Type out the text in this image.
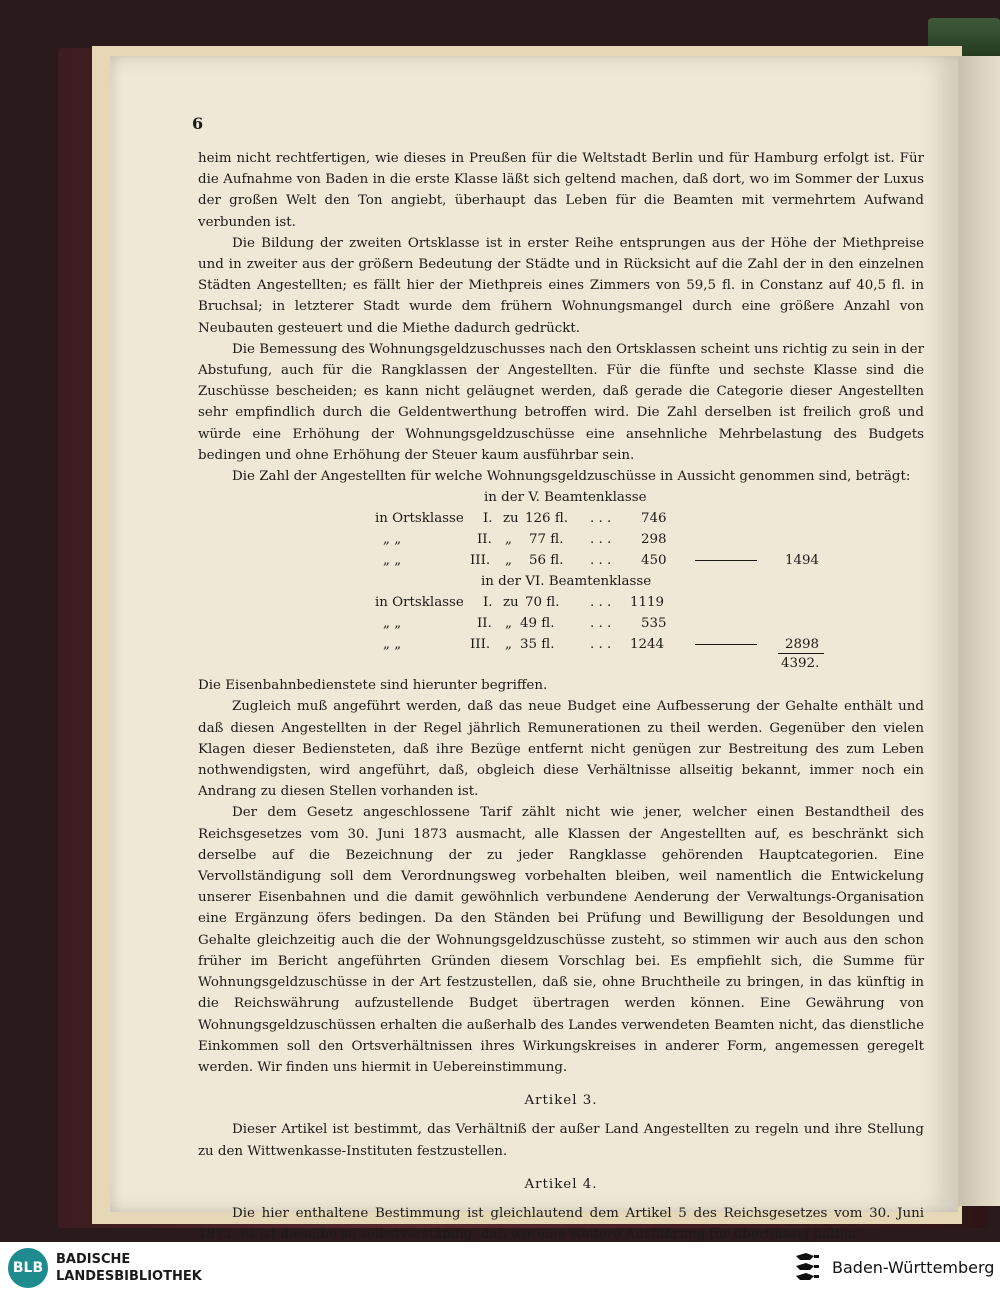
6

heim nicht rechtfertigen, wie dieses in Preußen für die Weltstadt Berlin und für Hamburg erfolgt ist. Für die Aufnahme von Baden in die erste Klasse läßt sich geltend machen, daß dort, wo im Sommer der Luxus der großen Welt den Ton angiebt, überhaupt das Leben für die Beamten mit vermehrtem Aufwand verbunden ist.

Die Bildung der zweiten Ortsklasse ist in erster Reihe entsprungen aus der Höhe der Miethpreise und in zweiter aus der größern Bedeutung der Städte und in Rücksicht auf die Zahl der in den einzelnen Städten Angestellten; es fällt hier der Miethpreis eines Zimmers von 59,5 fl. in Constanz auf 40,5 fl. in Bruchsal; in letzterer Stadt wurde dem frühern Wohnungsmangel durch eine größere Anzahl von Neubauten gesteuert und die Miethe dadurch gedrückt.

Die Bemessung des Wohnungsgeldzuschusses nach den Ortsklassen scheint uns richtig zu sein in der Abstufung, auch für die Rangklassen der Angestellten. Für die fünfte und sechste Klasse sind die Zuschüsse bescheiden; es kann nicht geläugnet werden, daß gerade die Categorie dieser Angestellten sehr empfindlich durch die Geldentwerthung betroffen wird. Die Zahl derselben ist freilich groß und würde eine Erhöhung der Wohnungsgeldzuschüsse eine ansehnliche Mehrbelastung des Budgets bedingen und ohne Erhöhung der Steuer kaum ausführbar sein.

Die Zahl der Angestellten für welche Wohnungsgeldzuschüsse in Aussicht genommen sind, beträgt:

in der V. Beamtenklasse
in Ortsklasse I. zu 126 fl. . . . 746
„ „	II. „ 77 fl. . . . 298
„ „	III. „ 56 fl. . . . 450	1494
in der VI. Beamtenklasse
in Ortsklasse I. zu 70 fl. . . . 1119
„ „	II. „ 49 fl.	. . . 535
„ „	III. „ 35 fl.	. . . 1244	2898
4392.

Die Eisenbahnbedienstete sind hierunter begriffen.

Zugleich muß angeführt werden, daß das neue Budget eine Aufbesserung der Gehalte enthält und daß diesen Angestellten in der Regel jährlich Remunerationen zu theil werden. Gegenüber den vielen Klagen dieser Bediensteten, daß ihre Bezüge entfernt nicht genügen zur Bestreitung des zum Leben nothwendigsten, wird angeführt, daß, obgleich diese Verhältnisse allseitig bekannt, immer noch ein Andrang zu diesen Stellen vorhanden ist.

Der dem Gesetz angeschlossene Tarif zählt nicht wie jener, welcher einen Bestandtheil des Reichsgesetzes vom 30. Juni 1873 ausmacht, alle Klassen der Angestellten auf, es beschränkt sich derselbe auf die Bezeichnung der zu jeder Rangklasse gehörenden Hauptcategorien. Eine Vervollständigung soll dem Verordnungsweg vorbehalten bleiben, weil namentlich die Entwickelung unserer Eisenbahnen und die damit gewöhnlich verbundene Aenderung der Verwaltungs-Organisation eine Ergänzung öfers bedingen. Da den Ständen bei Prüfung und Bewilligung der Besoldungen und Gehalte gleichzeitig auch die der Wohnungsgeldzuschüsse zusteht, so stimmen wir auch aus den schon früher im Bericht angeführten Gründen diesem Vorschlag bei. Es empfiehlt sich, die Summe für Wohnungsgeldzuschüsse in der Art festzustellen, daß sie, ohne Bruchtheile zu bringen, in das künftig in die Reichswährung aufzustellende Budget übertragen werden können. Eine Gewährung von Wohnungsgeldzuschüssen erhalten die außerhalb des Landes verwendeten Beamten nicht, das dienstliche Einkommen soll den Ortsverhältnissen ihres Wirkungskreises in anderer Form, angemessen geregelt werden. Wir finden uns hiermit in Uebereinstimmung.

Artikel 3.

Dieser Artikel ist bestimmt, das Verhältniß der außer Land Angestellten zu regeln und ihre Stellung zu den Wittwenkasse-Instituten festzustellen.

Artikel 4.

Die hier enthaltene Bestimmung ist gleichlautend dem Artikel 5 des Reichsgesetzes vom 30. Juni 1873, es ist dieselbe so selbstverständig, daß wir eine weitere Ausführung für überflüssig halten.

BLB
BADISCHE
LANDESBIBLIOTHEK	Baden-Württemberg
